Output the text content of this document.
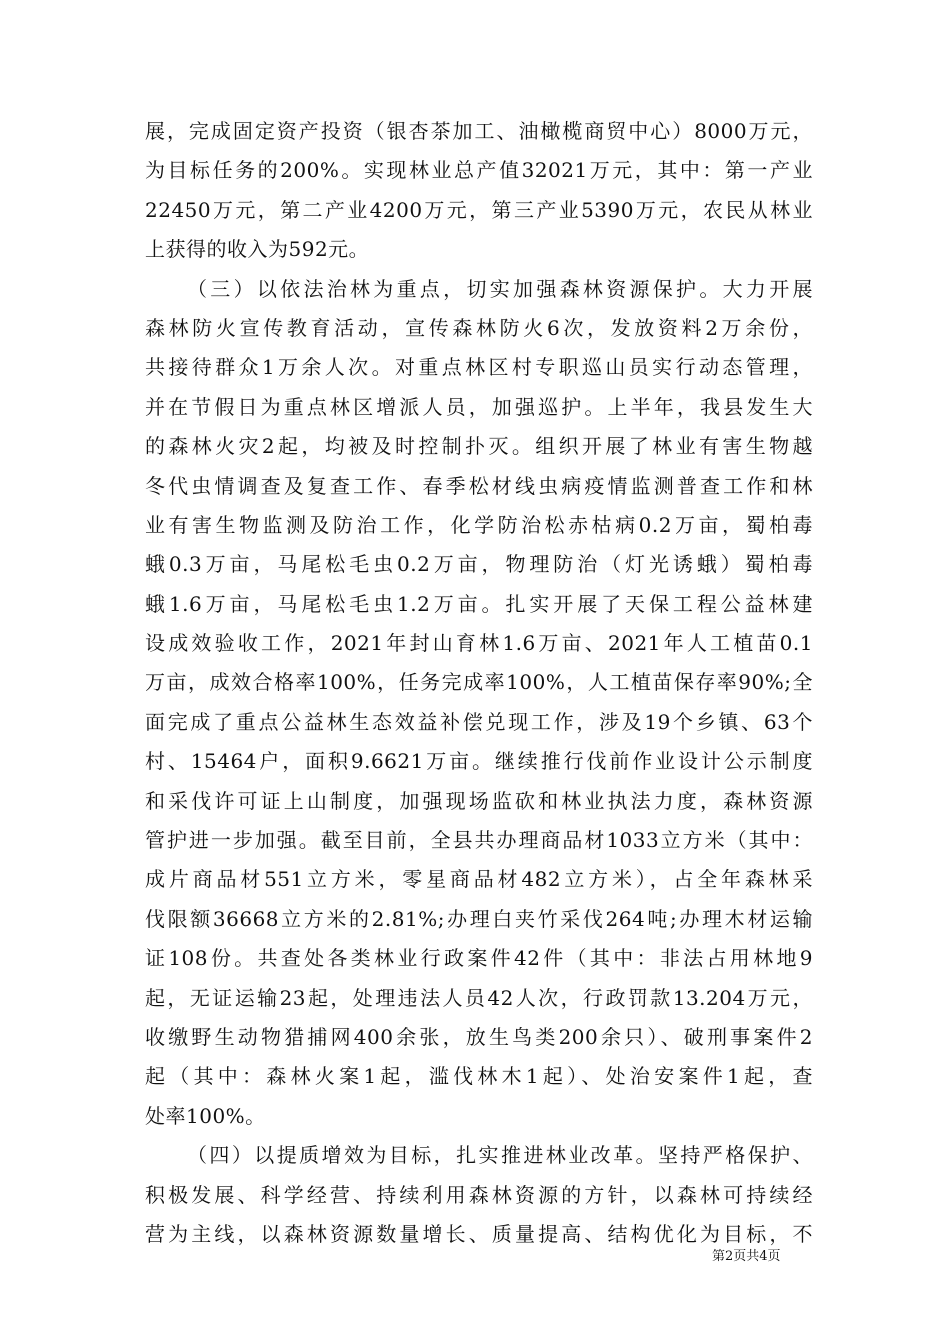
展，完成固定资产投资（银杏茶加工、油橄榄商贸中心）8000万元，
为目标任务的200%。实现林业总产值32021万元，其中：第一产业
22450万元，第二产业4200万元，第三产业5390万元，农民从林业
上获得的收入为592元。
（三）以依法治林为重点，切实加强森林资源保护。大力开展
森林防火宣传教育活动，宣传森林防火6次，发放资料2万余份，
共接待群众1万余人次。对重点林区村专职巡山员实行动态管理，
并在节假日为重点林区增派人员，加强巡护。上半年，我县发生大
的森林火灾2起，均被及时控制扑灭。组织开展了林业有害生物越
冬代虫情调查及复查工作、春季松材线虫病疫情监测普查工作和林
业有害生物监测及防治工作，化学防治松赤枯病0.2万亩，蜀柏毒
蛾0.3万亩，马尾松毛虫0.2万亩，物理防治（灯光诱蛾）蜀柏毒
蛾1.6万亩，马尾松毛虫1.2万亩。扎实开展了天保工程公益林建
设成效验收工作，2021年封山育林1.6万亩、2021年人工植苗0.1
万亩，成效合格率100%，任务完成率100%，人工植苗保存率90%;全
面完成了重点公益林生态效益补偿兑现工作，涉及19个乡镇、63个
村、15464户，面积9.6621万亩。继续推行伐前作业设计公示制度
和采伐许可证上山制度，加强现场监砍和林业执法力度，森林资源
管护进一步加强。截至目前，全县共办理商品材1033立方米（其中：
成片商品材551立方米，零星商品材482立方米），占全年森林采
伐限额36668立方米的2.81%;办理白夹竹采伐264吨;办理木材运输
证108份。共查处各类林业行政案件42件（其中：非法占用林地9
起，无证运输23起，处理违法人员42人次，行政罚款13.204万元，
收缴野生动物猎捕网400余张，放生鸟类200余只）、破刑事案件2
起（其中：森林火案1起，滥伐林木1起）、处治安案件1起，查
处率100%。
（四）以提质增效为目标，扎实推进林业改革。坚持严格保护、
积极发展、科学经营、持续利用森林资源的方针，以森林可持续经
营为主线，以森林资源数量增长、质量提高、结构优化为目标，不
第2页共4页
